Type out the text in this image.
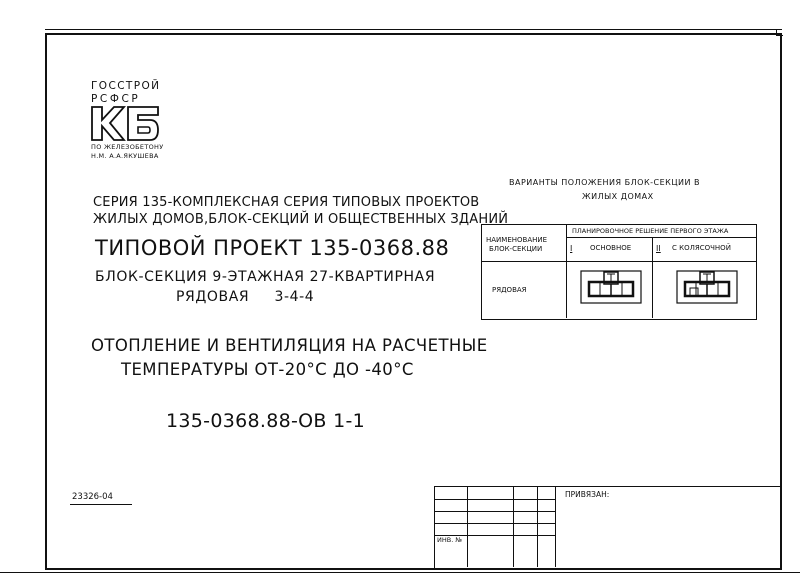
ГОССТРОЙ
РСФСР
ПО ЖЕЛЕЗОБЕТОНУ
Н.М. А.А.ЯКУШЕВА
СЕРИЯ 135-КОМПЛЕКСНАЯ СЕРИЯ ТИПОВЫХ ПРОЕКТОВ
ЖИЛЫХ ДОМОВ,БЛОК-СЕКЦИЙ И ОБЩЕСТВЕННЫХ ЗДАНИЙ
ТИПОВОЙ ПРОЕКТ 135-0368.88
БЛОК-СЕКЦИЯ 9-ЭТАЖНАЯ 27-КВАРТИРНАЯ
РЯДОВАЯ     3-4-4
ОТОПЛЕНИЕ И ВЕНТИЛЯЦИЯ НА РАСЧЕТНЫЕ
ТЕМПЕРАТУРЫ ОТ-20°С ДО -40°С
135-0368.88-ОВ 1-1
ВАРИАНТЫ ПОЛОЖЕНИЯ БЛОК-СЕКЦИИ В
ЖИЛЫХ ДОМАХ
НАИМЕНОВАНИЕ
БЛОК-СЕКЦИИ
ПЛАНИРОВОЧНОЕ РЕШЕНИЕ ПЕРВОГО ЭТАЖА
I	ОСНОВНОЕ	II С КОЛЯСОЧНОЙ
РЯДОВАЯ
23326-04
ИНВ. №
ПРИВЯЗАН:
